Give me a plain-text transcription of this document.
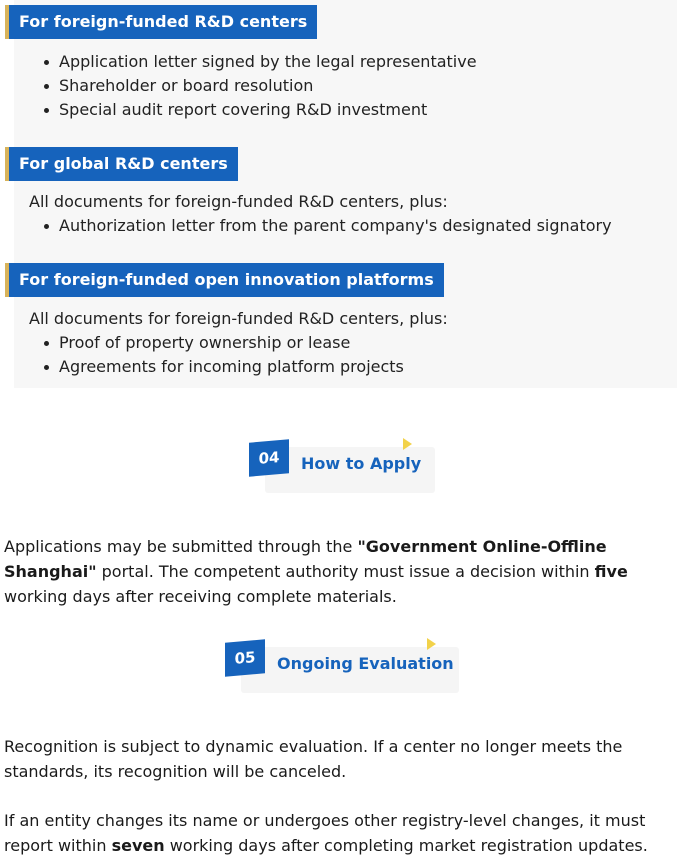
For foreign-funded R&D centers
Application letter signed by the legal representative
Shareholder or board resolution
Special audit report covering R&D investment
For global R&D centers
All documents for foreign-funded R&D centers, plus:
Authorization letter from the parent company's designated signatory
For foreign-funded open innovation platforms
All documents for foreign-funded R&D centers, plus:
Proof of property ownership or lease
Agreements for incoming platform projects
04	How to Apply
Applications may be submitted through the "Government Online-Offline Shanghai" portal. The competent authority must issue a decision within five working days after receiving complete materials.
05	Ongoing Evaluation
Recognition is subject to dynamic evaluation. If a center no longer meets the standards, its recognition will be canceled.
If an entity changes its name or undergoes other registry-level changes, it must report within seven working days after completing market registration updates.
